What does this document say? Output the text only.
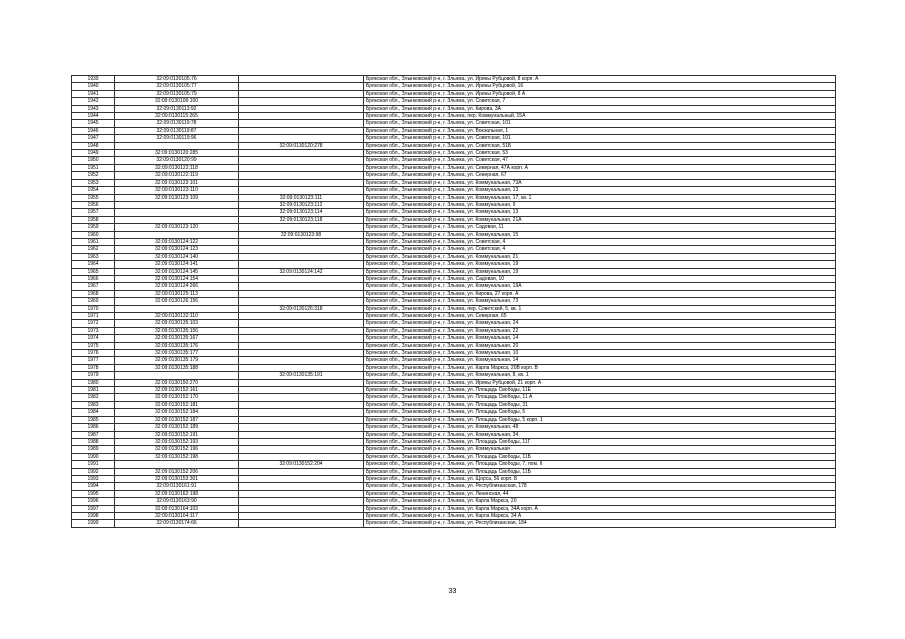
1939	32:09:0130105:76		Брянская обл., Злынковский р-н, г. Злынка, ул. Ирины Рубцовой, 8 корп. А
1940	32:09:0130105:77		Брянская обл., Злынковский р-н, г. Злынка, ул. Ирины Рубцовой, 16
1941	32:09:0130105:79		Брянская обл., Злынковский р-н, г. Злынка, ул. Ирины Рубцовой, 8 А
1942	32:09:0130106:100		Брянская обл., Злынковский р-н, г. Злынка, ул. Советская, 7
1943	32:09:0130113:92		Брянская обл., Злынковский р-н, г. Злынка, ул. Кирова, 3А
1944	32:09:0130115:265		Брянская обл., Злынковский р-н, г. Злынка, пер. Коммунальный, 15А
1945	32:09:0130119:78		Брянская обл., Злынковский р-н, г. Злынка, ул. Советская, 101
1946	32:09:0130119:87		Брянская обл., Злынковский р-н, г. Злынка, ул. Вокзальная, 1
1947	32:09:0130119:96		Брянская обл., Злынковский р-н, г. Злынка, ул. Советская, 101
1948		32:09:0130120:278	Брянская обл., Злынковский р-н, г. Злынка, ул. Советская, 51Б
1949	32:09:0130120:285		Брянская обл., Злынковский р-н, г. Злынка, ул. Советская, 53
1950	32:09:0130120:99		Брянская обл., Злынковский р-н, г. Злынка, ул. Советская, 47
1951	32:09:0130122:118		Брянская обл., Злынковский р-н, г. Злынка, ул. Северная, 47А корп. А
1952	32:09:0130122:119		Брянская обл., Злынковский р-н, г. Злынка, ул. Северная, 67
1953	32:09:0130123:101		Брянская обл., Злынковский р-н, г. Злынка, ул. Коммунальная, 73А
1954	32:09:0130123:110		Брянская обл., Злынковский р-н, г. Злынка, ул. Коммунальная, 13
1955	32:09:0130123:109	32:09:0130123:111	Брянская обл., Злынковский р-н, г. Злынка, ул. Коммунальная, 17, кв. 1
1956		32:09:0130123:112	Брянская обл., Злынковский р-н, г. Злынка, ул. Коммунальная, 9
1957		32:09:0130123:114	Брянская обл., Злынковский р-н, г. Злынка, ул. Коммунальная, 13
1958		32:09:0130123:118	Брянская обл., Злынковский р-н, г. Злынка, ул. Коммунальная, 21А
1959	32:09:0130123:120		Брянская обл., Злынковский р-н, г. Злынка, ул. Садовая, 11
1960		32:09:0130123:98	Брянская обл., Злынковский р-н, г. Злынка, ул. Коммунальная, 15
1961	32:09:0130124:122		Брянская обл., Злынковский р-н, г. Злынка, ул. Советская, 4
1962	32:09:0130124:123		Брянская обл., Злынковский р-н, г. Злынка, ул. Советская, 4
1963	32:09:0130124:140		Брянская обл., Злынковский р-н, г. Злынка, ул. Коммунальная, 21
1964	32:09:0130124:141		Брянская обл., Злынковский р-н, г. Злынка, ул. Коммунальная, 19
1965	32:09:0130124:145	32:09:0130124:142	Брянская обл., Злынковский р-н, г. Злынка, ул. Коммунальная, 19
1966	32:09:0130124:154		Брянская обл., Злынковский р-н, г. Злынка, ул. Садовая, 10
1967	32:09:0130124:266		Брянская обл., Злынковский р-н, г. Злынка, ул. Коммунальная, 19А
1968	32:09:0130125:113		Брянская обл., Злынковский р-н, г. Злынка, ул. Кирова, 27 корп. А
1969	32:09:0130126:156		Брянская обл., Злынковский р-н, г. Злынка, ул. Коммунальная, 73
1970		32:09:0130126:318	Брянская обл., Злынковский р-н, г. Злынка, пер. Советский, 5, кв. 1
1971	32:09:0130132:110		Брянская обл., Злынковский р-н, г. Злынка, ул. Северная, 65
1972	32:09:0130135:103		Брянская обл., Злынковский р-н, г. Злынка, ул. Коммунальная, 24
1973	32:09:0130135:156		Брянская обл., Злынковский р-н, г. Злынка, ул. Коммунальная, 22
1974	32:09:0130135:167		Брянская обл., Злынковский р-н, г. Злынка, ул. Коммунальная, 14
1975	32:09:0130135:176		Брянская обл., Злынковский р-н, г. Злынка, ул. Коммунальная, 20
1976	32:09:0130135:177		Брянская обл., Злынковский р-н, г. Злынка, ул. Коммунальная, 10
1977	32:09:0130135:179		Брянская обл., Злынковский р-н, г. Злынка, ул. Коммунальная, 14
1978	32:09:0130135:188		Брянская обл., Злынковский р-н, г. Злынка, ул. Карла Маркса, 20В корп. В
1979		32:09:0130135:191	Брянская обл., Злынковский р-н, г. Злынка, ул. Коммунальная, 8, кв. 1
1980	32:09:0130150:270		Брянская обл., Злынковский р-н, г. Злынка, ул. Ирины Рубцовой, 21 корп. А
1981	32:09:0130152:161		Брянская обл., Злынковский р-н, г. Злынка, ул. Площадь Свободы, 11Е
1982	32:09:0130152:170		Брянская обл., Злынковский р-н, г. Злынка, ул. Площадь Свободы, 11 А
1983	32:09:0130152:181		Брянская обл., Злынковский р-н, г. Злынка, ул. Площадь Свободы, 31
1984	32:09:0130152:184		Брянская обл., Злынковский р-н, г. Злынка, ул. Площадь Свободы, 5
1985	32:09:0130152:187		Брянская обл., Злынковский р-н, г. Злынка, ул. Площадь Свободы, 5 корп. 1
1986	32:09:0130152:189		Брянская обл., Злынковский р-н, г. Злынка, ул. Коммунальная, 48
1987	32:09:0130152:191		Брянская обл., Злынковский р-н, г. Злынка, ул. Коммунальная, 34
1988	32:09:0130152:193		Брянская обл., Злынковский р-н, г. Злынка, ул. Площадь Свободы, 11Г
1989	32:09:0130152:196		Брянская обл., Злынковский р-н, г. Злынка, ул. Коммунальная
1990	32:09:0130152:198		Брянская обл., Злынковский р-н, г. Злынка, ул. Площадь Свободы, 11Б
1991		32:09:0130152:204	Брянская обл., Злынковский р-н, г. Злынка, ул. Площадь Свободы, 7, пом. II
1992	32:09:0130152:206		Брянская обл., Злынковский р-н, г. Злынка, ул. Площадь Свободы, 11Б
1993	32:09:0130153:301		Брянская обл., Злынковский р-н, г. Злынка, ул. Щорса, 56 корп. Б
1994	32:09:0130161:91		Брянская обл., Злынковский р-н, г. Злынка, ул. Республиканская, 178
1995	32:09:0130162:198		Брянская обл., Злынковский р-н, г. Злынка, ул. Ленинская, 44
1996	32:09:0130163:90		Брянская обл., Злынковский р-н, г. Злынка, ул. Карла Маркса, 20
1997	32:09:0130164:103		Брянская обл., Злынковский р-н, г. Злынка, ул. Карла Маркса, 34А корп. А
1998	32:09:0130164:117		Брянская обл., Злынковский р-н, г. Злынка, ул. Карла Маркса, 34 А
1999	32:09:0130174:66		Брянская обл., Злынковский р-н, г. Злынка, ул. Республиканская, 184
33
